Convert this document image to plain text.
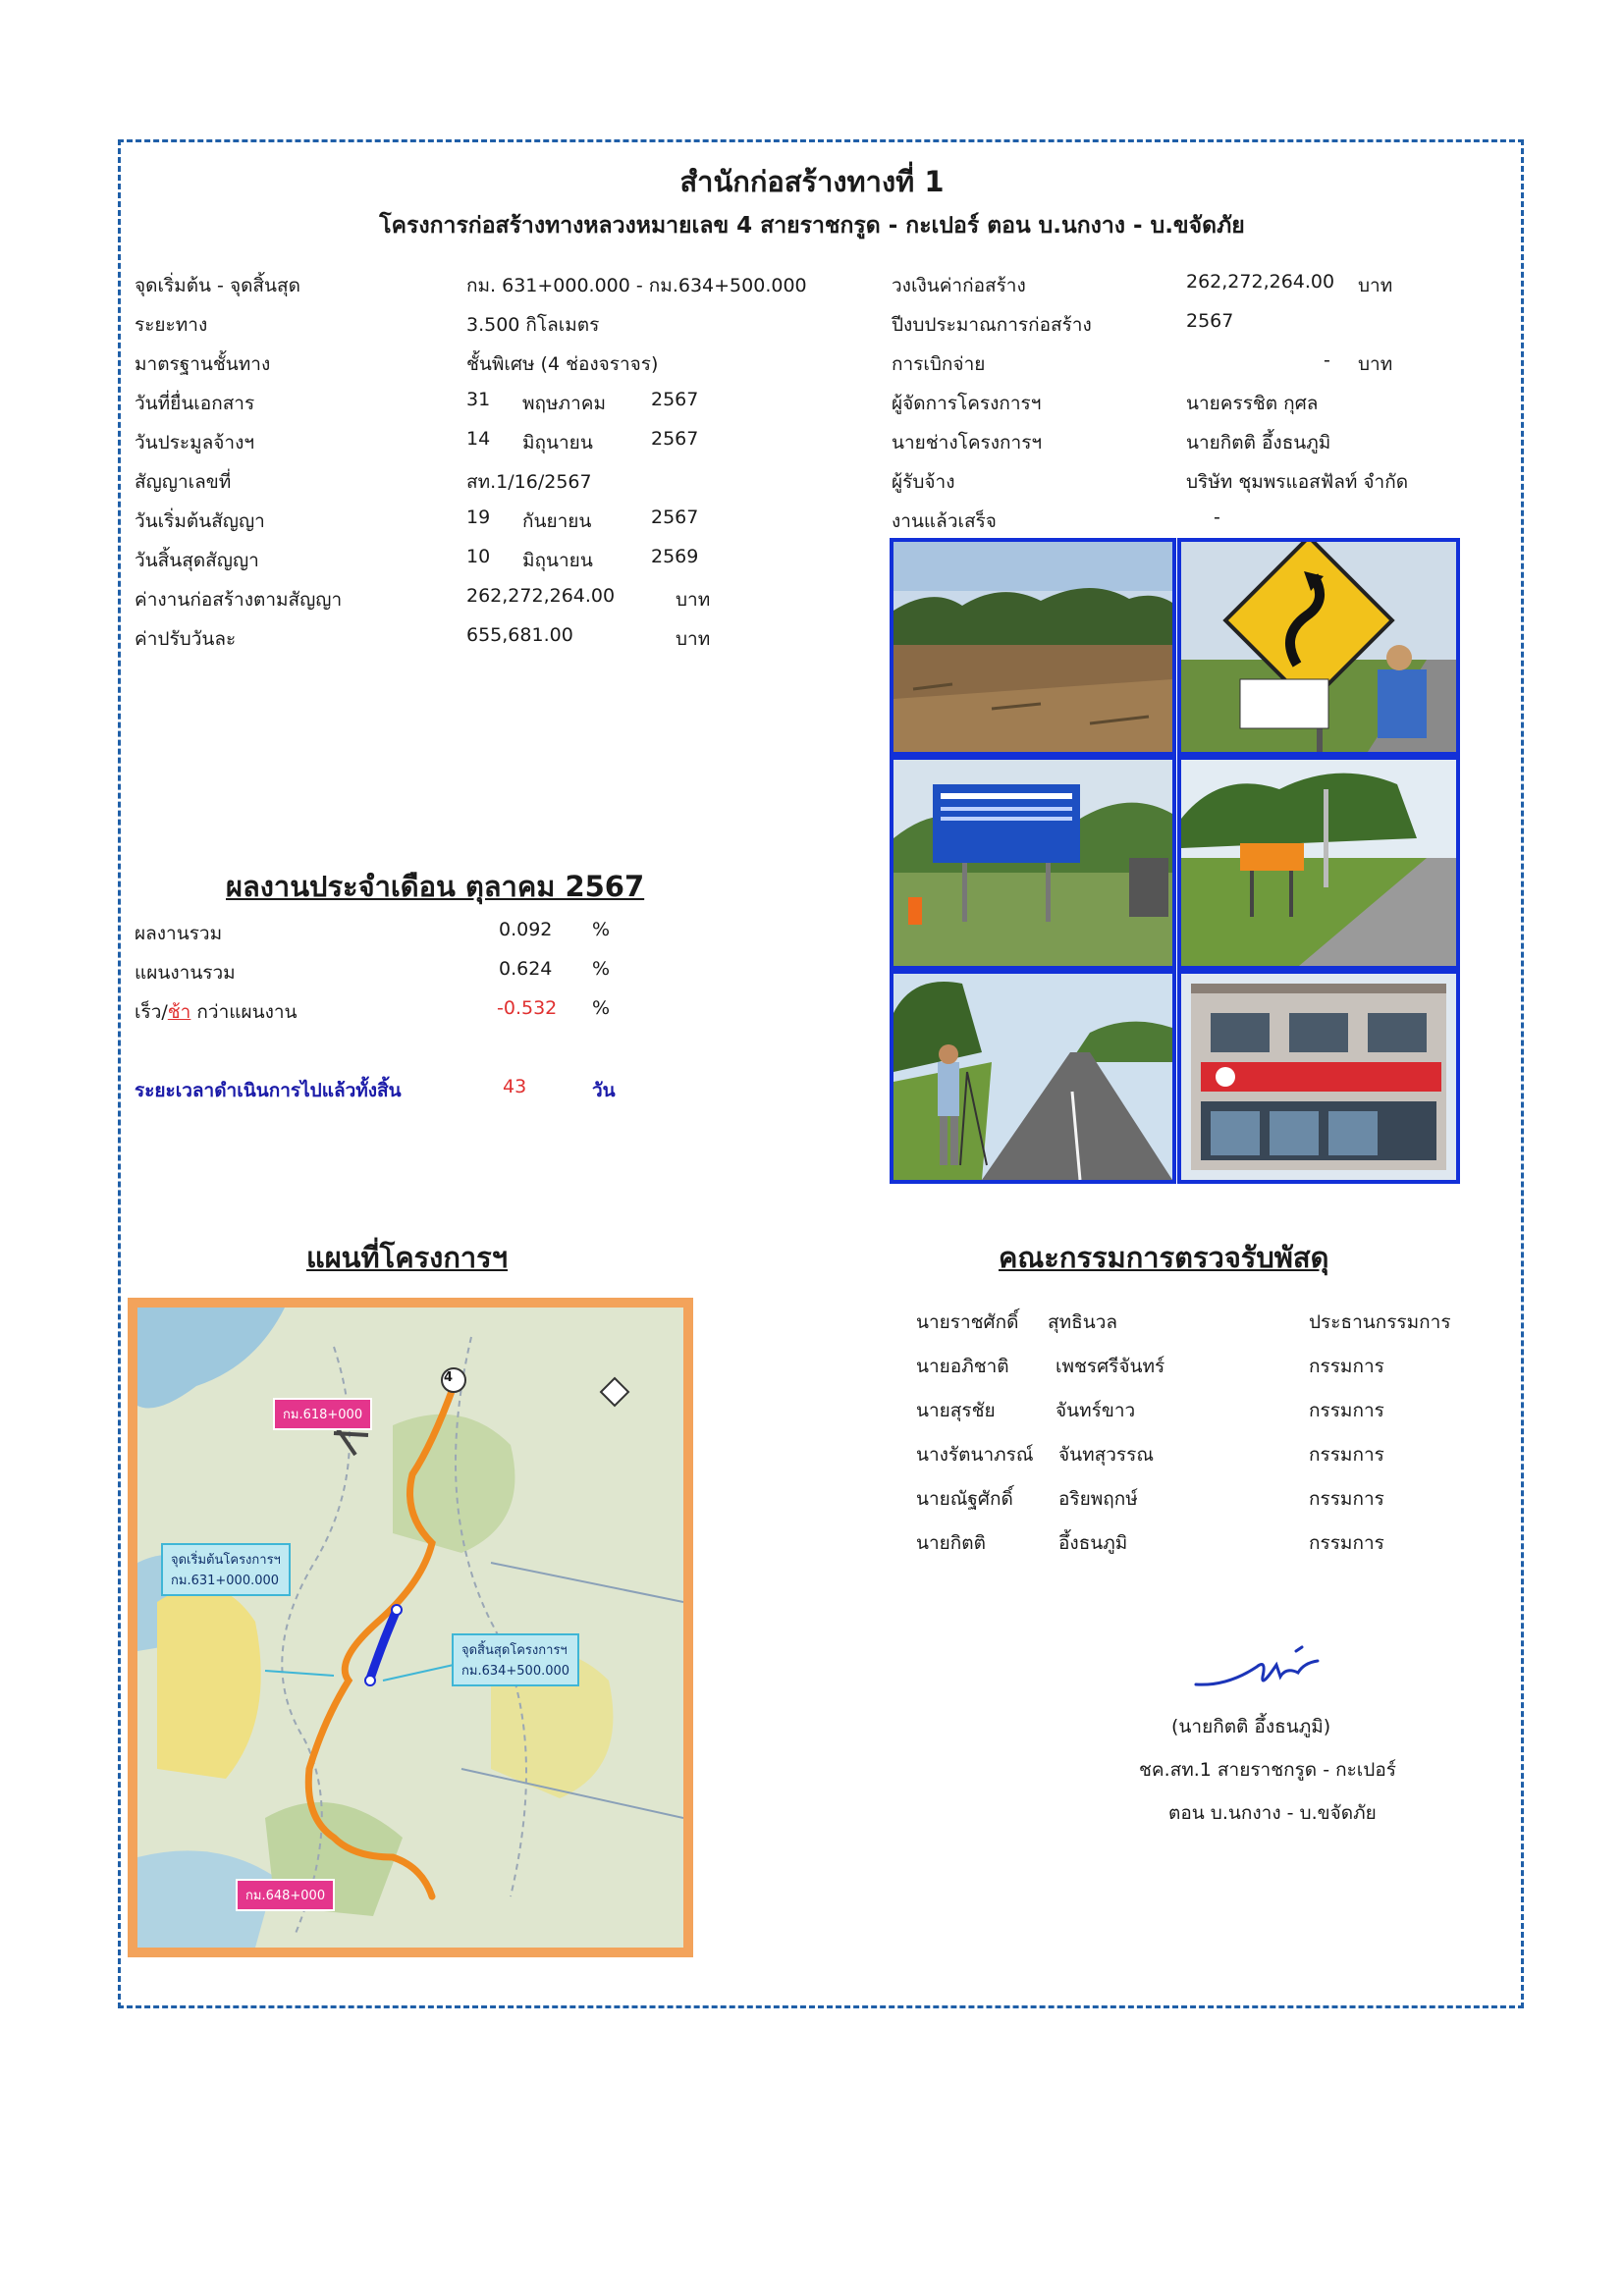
สำนักก่อสร้างทางที่ 1
โครงการก่อสร้างทางหลวงหมายเลข 4 สายราชกรูด - กะเปอร์ ตอน บ.นกงาง - บ.ขจัดภัย
จุดเริ่มต้น - จุดสิ้นสุด	กม. 631+000.000 - กม.634+500.000
ระยะทาง	3.500 กิโลเมตร
มาตรฐานชั้นทาง	ชั้นพิเศษ (4 ช่องจราจร)
วันที่ยื่นเอกสาร	31 พฤษภาคม 2567
วันประมูลจ้างฯ	14 มิถุนายน	2567
สัญญาเลขที่	สท.1/16/2567
วันเริ่มต้นสัญญา	19 กันยายน	2567
วันสิ้นสุดสัญญา	10 มิถุนายน	2569
ค่างานก่อสร้างตามสัญญา	262,272,264.00	บาท
ค่าปรับวันละ	655,681.00	บาท
วงเงินค่าก่อสร้าง	262,272,264.00 บาท
ปีงบประมาณการก่อสร้าง	2567
การเบิกจ่าย	- บาท
ผู้จัดการโครงการฯ	นายครรชิต กุศล
นายช่างโครงการฯ	นายกิตติ อึ้งธนภูมิ
ผู้รับจ้าง	บริษัท ชุมพรแอสฟัลท์ จำกัด
งานแล้วเสร็จ	-
ผลงานประจำเดือน ตุลาคม 2567
ผลงานรวม	0.092 %
แผนงานรวม	0.624 %
เร็ว/ช้า กว่าแผนงาน	-0.532 %
ระยะเวลาดำเนินการไปแล้วทั้งสิ้น	43	วัน
แผนที่โครงการฯ
กม.618+000
4
จุดเริ่มต้นโครงการฯ
กม.631+000.000
จุดสิ้นสุดโครงการฯ
กม.634+500.000
กม.648+000
คณะกรรมการตรวจรับพัสดุ
นายราชศักดิ์ สุทธินวล	ประธานกรรมการ
นายอภิชาติ เพชรศรีจันทร์	กรรมการ
นายสุรชัย	จันทร์ขาว	กรรมการ
นางรัตนาภรณ์ จันทสุวรรณ	กรรมการ
นายณัฐศักดิ์ อริยพฤกษ์	กรรมการ
นายกิตติ	อึ้งธนภูมิ	กรรมการ
(นายกิตติ อึ้งธนภูมิ)
ชค.สท.1 สายราชกรูด - กะเปอร์
ตอน บ.นกงาง - บ.ขจัดภัย
